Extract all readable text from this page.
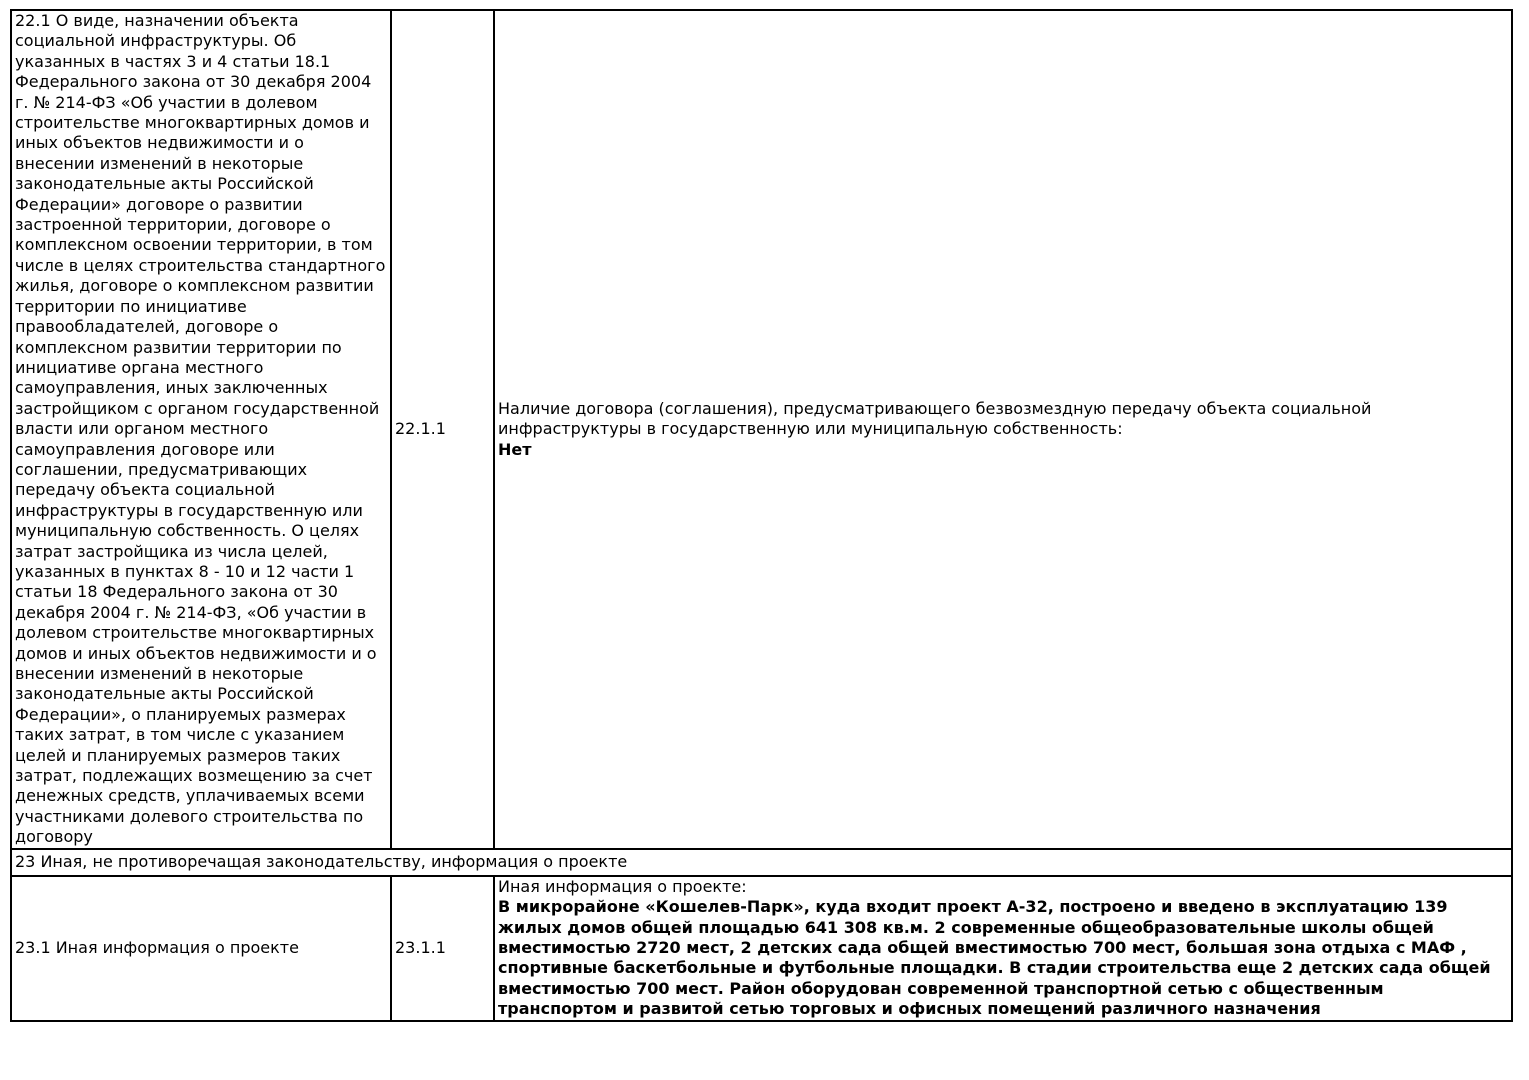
22.1 О виде, назначении объекта социальной инфраструктуры. Об указанных в частях 3 и 4 статьи 18.1 Федерального закона от 30 декабря 2004 г. № 214-ФЗ «Об участии в долевом строительстве многоквартирных домов и иных объектов недвижимости и о внесении изменений в некоторые законодательные акты Российской Федерации» договоре о развитии застроенной территории, договоре о комплексном освоении территории, в том числе в целях строительства стандартного жилья, договоре о комплексном развитии территории по инициативе правообладателей, договоре о комплексном развитии территории по инициативе органа местного самоуправления, иных заключенных застройщиком с органом государственной власти или органом местного самоуправления договоре или соглашении, предусматривающих передачу объекта социальной инфраструктуры в государственную или муниципальную собственность. О целях затрат застройщика из числа целей, указанных в пунктах 8 - 10 и 12 части 1 статьи 18 Федерального закона от 30 декабря 2004 г. № 214-ФЗ, «Об участии в долевом строительстве многоквартирных домов и иных объектов недвижимости и о внесении изменений в некоторые законодательные акты Российской Федерации», о планируемых размерах таких затрат, в том числе с указанием целей и планируемых размеров таких затрат, подлежащих возмещению за счет денежных средств, уплачиваемых всеми участниками долевого строительства по договору	22.1.1	Наличие договора (соглашения), предусматривающего безвозмездную передачу объекта социальной инфраструктуры в государственную или муниципальную собственность:
Нет

23 Иная, не противоречащая законодательству, информация о проекте		
23.1 Иная информация о проекте	23.1.1	Иная информация о проекте:
В микрорайоне «Кошелев-Парк», куда входит проект А-32, построено и введено в эксплуатацию 139 жилых домов общей площадью 641 308 кв.м. 2 современные общеобразовательные школы общей вместимостью 2720 мест, 2 детских сада общей вместимостью 700 мест, большая зона отдыха с МАФ , спортивные баскетбольные и футбольные площадки. В стадии строительства еще 2 детских сада общей вместимостью 700 мест. Район оборудован современной транспортной сетью с общественным транспортом и развитой сетью торговых и офисных помещений различного назначения
